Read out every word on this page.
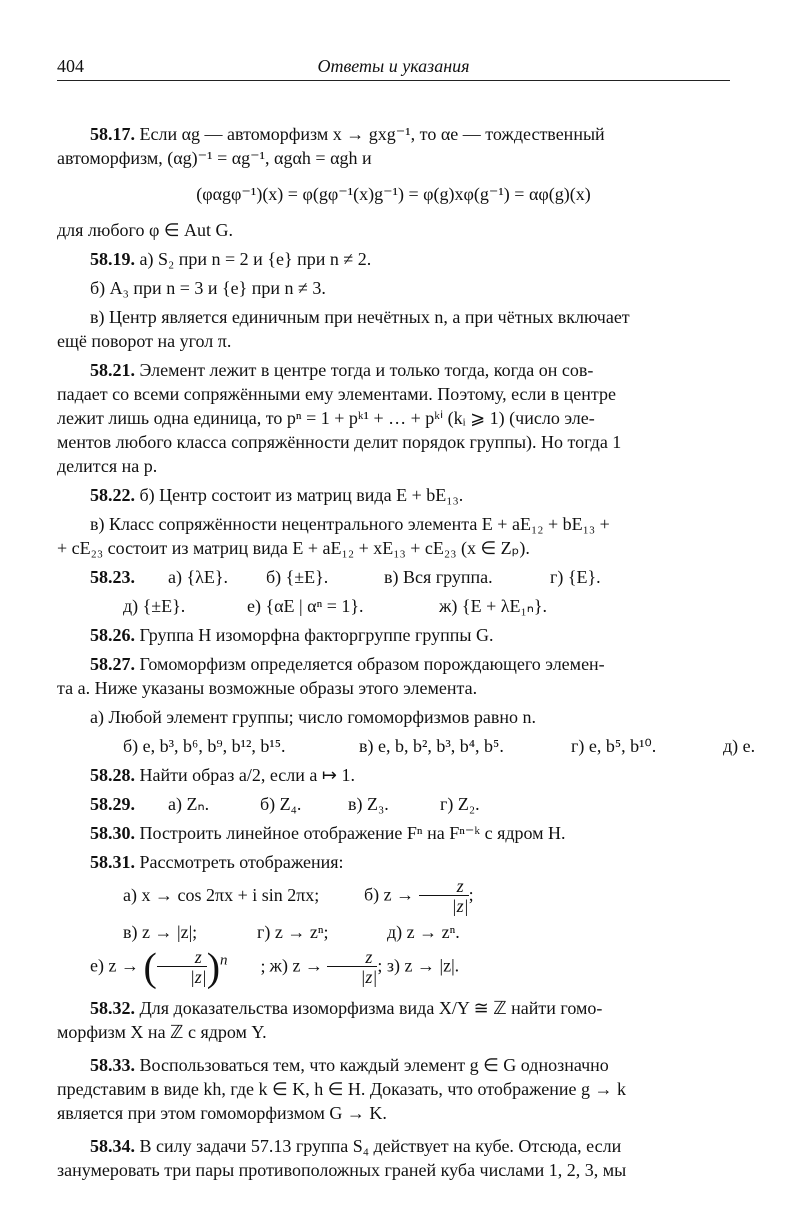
404	Ответы и указания

58.17. Если αg — автоморфизм x → gxg⁻¹, то αe — тождественный

автоморфизм, (αg)⁻¹ = αg⁻¹, αgαh = αgh и

(φαgφ⁻¹)(x) = φ(gφ⁻¹(x)g⁻¹) = φ(g)xφ(g⁻¹) = αφ(g)(x)

для любого φ ∈ Aut G.

58.19. а) S₂ при n = 2 и {e} при n ≠ 2.

б) A₃ при n = 3 и {e} при n ≠ 3.

в) Центр является единичным при нечётных n, а при чётных включает

ещё поворот на угол π.

58.21. Элемент лежит в центре тогда и только тогда, когда он сов-

падает со всеми сопряжёнными ему элементами. Поэтому, если в центре

лежит лишь одна единица, то pⁿ = 1 + pᵏ¹ + … + pᵏⁱ (kᵢ ⩾ 1) (число эле-

ментов любого класса сопряжённости делит порядок группы). Но тогда 1

делится на p.

58.22. б) Центр состоит из матриц вида E + bE₁₃.

в) Класс сопряжённости нецентрального элемента E + aE₁₂ + bE₁₃ +

+ cE₂₃ состоит из матриц вида E + aE₁₂ + xE₁₃ + cE₂₃ (x ∈ Zₚ).

58.23.а) {λE}. б) {±E}.	в) Вся группа.	г) {E}.

д) {±E}.	е) {αE | αⁿ = 1}.	ж) {E + λE₁ₙ}.

58.26. Группа H изоморфна факторгруппе группы G.

58.27. Гомоморфизм определяется образом порождающего элемен-

та a. Ниже указаны возможные образы этого элемента.

а) Любой элемент группы; число гомоморфизмов равно n.

б) e, b³, b⁶, b⁹, b¹², b¹⁵.	в) e, b, b², b³, b⁴, b⁵.	г) e, b⁵, b¹⁰.	д) e.

58.28. Найти образ a/2, если a ↦ 1.

58.29.а) Zₙ.	б) Z₄.	в) Z₃.	г) Z₂.

58.30. Построить линейное отображение Fⁿ на Fⁿ⁻ᵏ с ядром H.

58.31. Рассмотреть отображения:

а) x → cos 2πx + i sin 2πx; б) $z \to \frac{z}{|z|}$ ;

в) z → |z|;	г) z → zⁿ;	д) z → zⁿ.

е) z → ( $\frac{z}{|z|} )^n$ ; ж) $z \to \frac{z}{|z|}$ ; з) z → |z|.

58.32. Для доказательства изоморфизма вида X/Y ≅ ℤ найти гомо-

морфизм X на ℤ с ядром Y.

58.33. Воспользоваться тем, что каждый элемент g ∈ G однозначно

представим в виде kh, где k ∈ K, h ∈ H. Доказать, что отображение g → k

является при этом гомоморфизмом G → K.

58.34. В силу задачи 57.13 группа S₄ действует на кубе. Отсюда, если

занумеровать три пары противоположных граней куба числами 1, 2, 3, мы
